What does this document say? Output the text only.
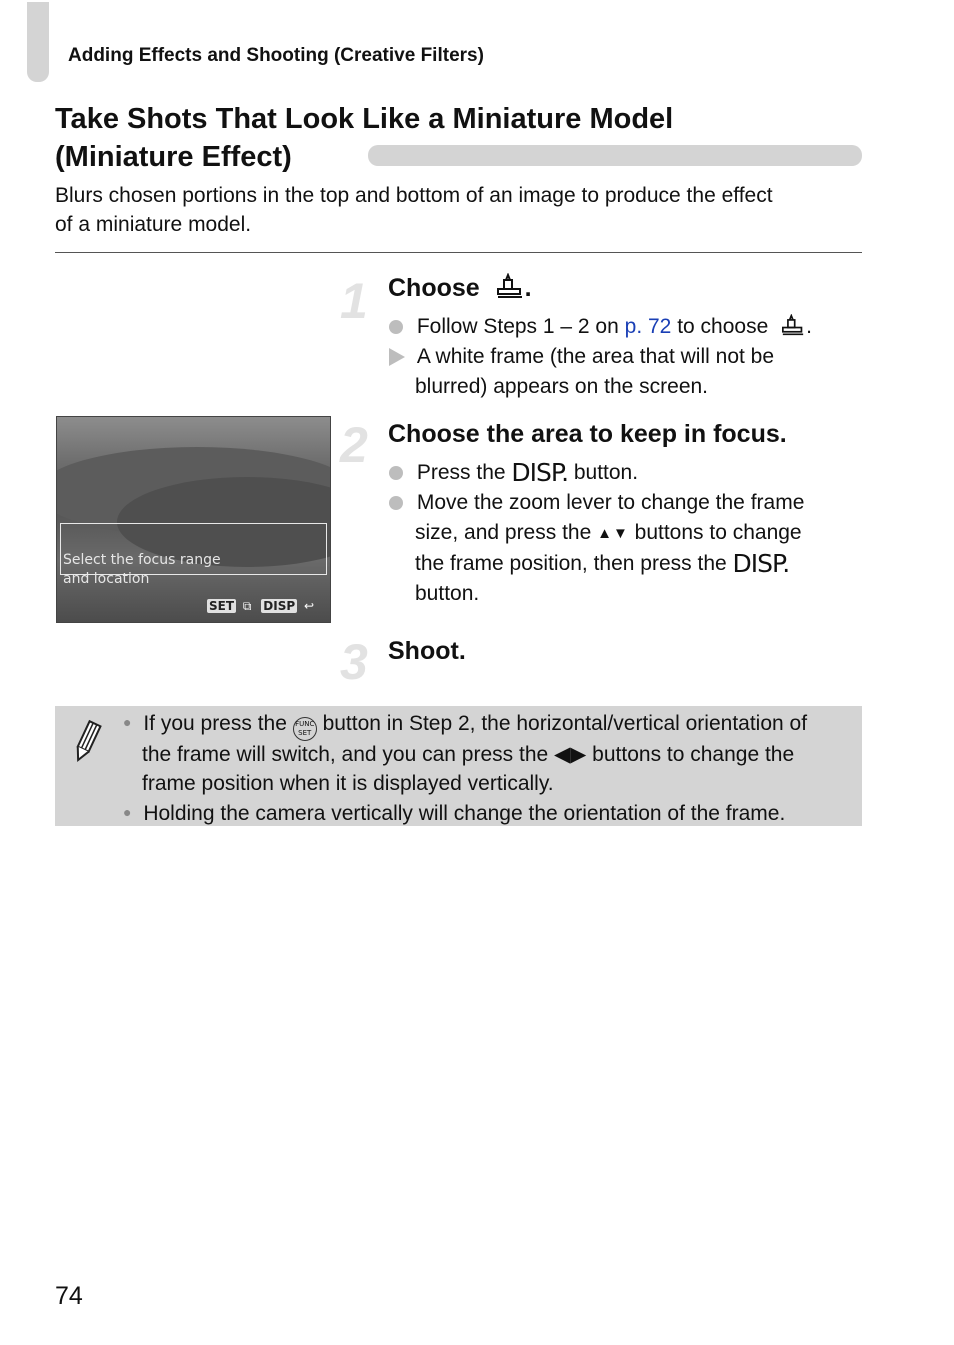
Adding Effects and Shooting (Creative Filters)
Take Shots That Look Like a Miniature Model
(Miniature Effect)
Blurs chosen portions in the top and bottom of an image to produce the effect
of a miniature model.
1 Choose .
Follow Steps 1 – 2 on p. 72 to choose .
A white frame (the area that will not be
blurred) appears on the screen.
Select the focus range
and location
SET ⧉ DISP ↩
2 Choose the area to keep in focus.
Press the DISP. button.
Move the zoom lever to change the frame
size, and press the ▲▼ buttons to change
the frame position, then press the DISP.
button.
3 Shoot.
● If you press the FUNC
SET button in Step 2, the horizontal/vertical orientation of
the frame will switch, and you can press the ◀▶ buttons to change the
frame position when it is displayed vertically.
● Holding the camera vertically will change the orientation of the frame.
74
